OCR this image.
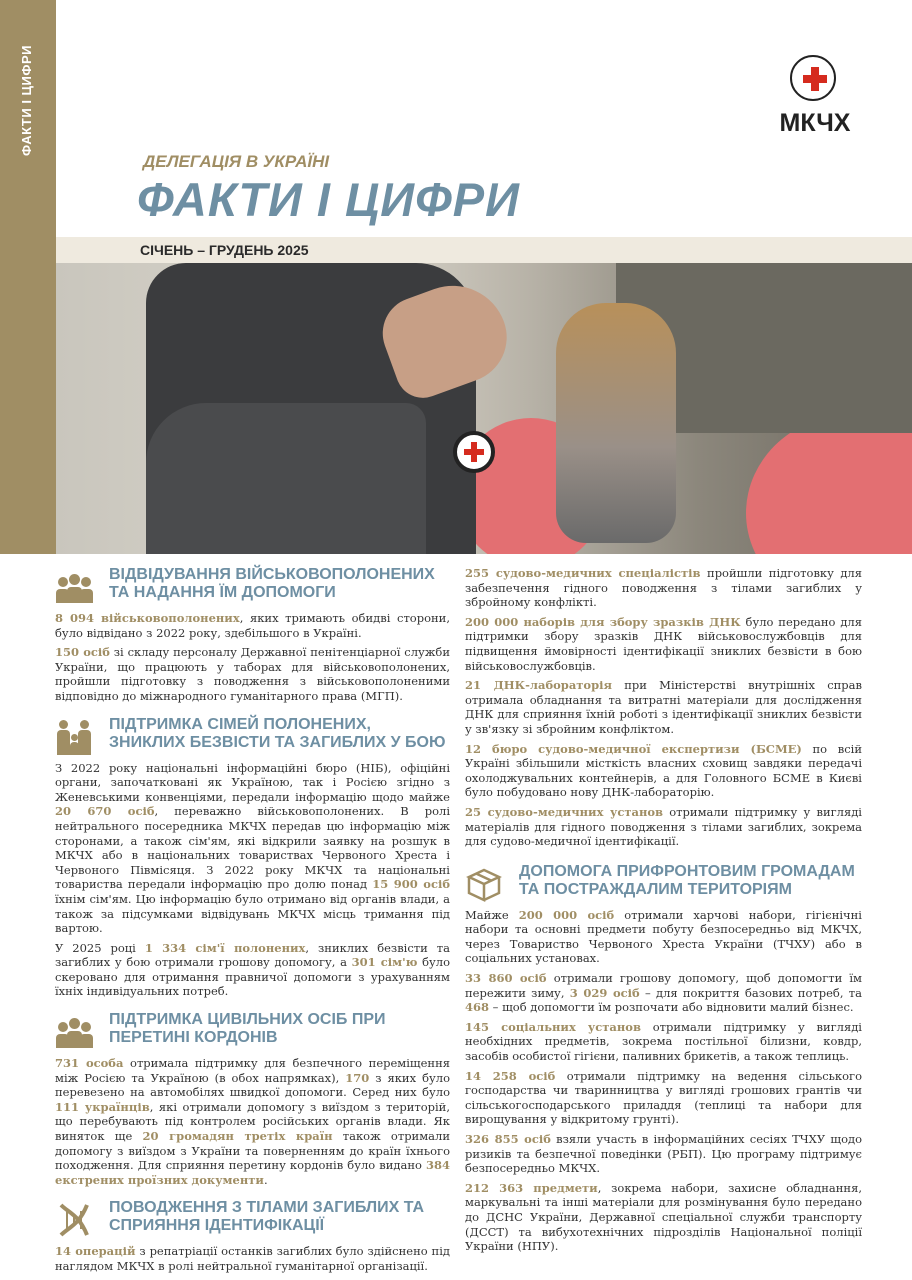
ФАКТИ І ЦИФРИ	МКЧХ
ДЕЛЕГАЦІЯ В УКРАЇНІ
ФАКТИ І ЦИФРИ
СІЧЕНЬ – ГРУДЕНЬ 2025
ВІДВІДУВАННЯ ВІЙСЬКОВОПОЛОНЕНИХ ТА НАДАННЯ ЇМ ДОПОМОГИ

8 094 військовополонених, яких тримають обидві сторони, було відвідано з 2022 року, здебільшого в Україні.

150 осіб зі складу персоналу Державної пенітенціарної служби України, що працюють у таборах для військовополонених, пройшли підготовку з поводження з військовополоненими відповідно до міжнародного гуманітарного права (МГП).

ПІДТРИМКА СІМЕЙ ПОЛОНЕНИХ, ЗНИКЛИХ БЕЗВІСТИ ТА ЗАГИБЛИХ У БОЮ

З 2022 року національні інформаційні бюро (НІБ), офіційні органи, започатковані як Україною, так і Росією згідно з Женевськими конвенціями, передали інформацію щодо майже 20 670 осіб, переважно військовополонених. В ролі нейтрального посередника МКЧХ передав цю інформацію між сторонами, а також сім'ям, які відкрили заявку на розшук в МКЧХ або в національних товариствах Червоного Хреста і Червоного Півмісяця. З 2022 року МКЧХ та національні товариства передали інформацію про долю понад 15 900 осіб їхнім сім'ям. Цю інформацію було отримано від органів влади, а також за підсумками відвідувань МКЧХ місць тримання під вартою.

У 2025 році 1 334 сім'ї полонених, зниклих безвісти та загиблих у бою отримали грошову допомогу, а 301 сім'ю було скеровано для отримання правничої допомоги з урахуванням їхніх індивідуальних потреб.

ПІДТРИМКА ЦИВІЛЬНИХ ОСІБ ПРИ ПЕРЕТИНІ КОРДОНІВ

731 особа отримала підтримку для безпечного переміщення між Росією та Україною (в обох напрямках), 170 з яких було перевезено на автомобілях швидкої допомоги. Серед них було 111 українців, які отримали допомогу з виїздом з територій, що перебувають під контролем російських органів влади. Як виняток ще 20 громадян третіх країн також отримали допомогу з виїздом з України та поверненням до країн їхнього походження. Для сприяння перетину кордонів було видано 384 екстрених проїзних документи.

ПОВОДЖЕННЯ З ТІЛАМИ ЗАГИБЛИХ ТА СПРИЯННЯ ІДЕНТИФІКАЦІЇ

14 операцій з репатріації останків загиблих було здійснено під наглядом МКЧХ в ролі нейтральної гуманітарної організації.

255 судово-медичних спеціалістів пройшли підготовку для забезпечення гідного поводження з тілами загиблих у збройному конфлікті.

200 000 наборів для збору зразків ДНК було передано для підтримки збору зразків ДНК військовослужбовців для підвищення ймовірності ідентифікації зниклих безвісти в бою військовослужбовців.

21 ДНК-лабораторія при Міністерстві внутрішніх справ отримала обладнання та витратні матеріали для дослідження ДНК для сприяння їхній роботі з ідентифікації зниклих безвісти у зв'язку зі збройним конфліктом.

12 бюро судово-медичної експертизи (БСМЕ) по всій Україні збільшили місткість власних сховищ завдяки передачі охолоджувальних контейнерів, а для Головного БСМЕ в Києві було побудовано нову ДНК-лабораторію.

25 судово-медичних установ отримали підтримку у вигляді матеріалів для гідного поводження з тілами загиблих, зокрема для судово-медичної ідентифікації.

ДОПОМОГА ПРИФРОНТОВИМ ГРОМАДАМ ТА ПОСТРАЖДАЛИМ ТЕРИТОРІЯМ

Майже 200 000 осіб отримали харчові набори, гігієнічні набори та основні предмети побуту безпосередньо від МКЧХ, через Товариство Червоного Хреста України (ТЧХУ) або в соціальних установах.

33 860 осіб отримали грошову допомогу, щоб допомогти їм пережити зиму, 3 029 осіб – для покриття базових потреб, та 468 – щоб допомогти їм розпочати або відновити малий бізнес.

145 соціальних установ отримали підтримку у вигляді необхідних предметів, зокрема постільної білизни, ковдр, засобів особистої гігієни, паливних брикетів, а також теплиць.

14 258 осіб отримали підтримку на ведення сільського господарства чи тваринництва у вигляді грошових грантів чи сільськогосподарського приладдя (теплиці та набори для вирощування у відкритому грунті).

326 855 осіб взяли участь в інформаційних сесіях ТЧХУ щодо ризиків та безпечної поведінки (РБП). Цю програму підтримує безпосередньо МКЧХ.

212 363 предмети, зокрема набори, захисне обладнання, маркувальні та інші матеріали для розмінування було передано до ДСНС України, Державної спеціальної служби транспорту (ДССТ) та вибухотехнічних підрозділів Національної поліції України (НПУ).
